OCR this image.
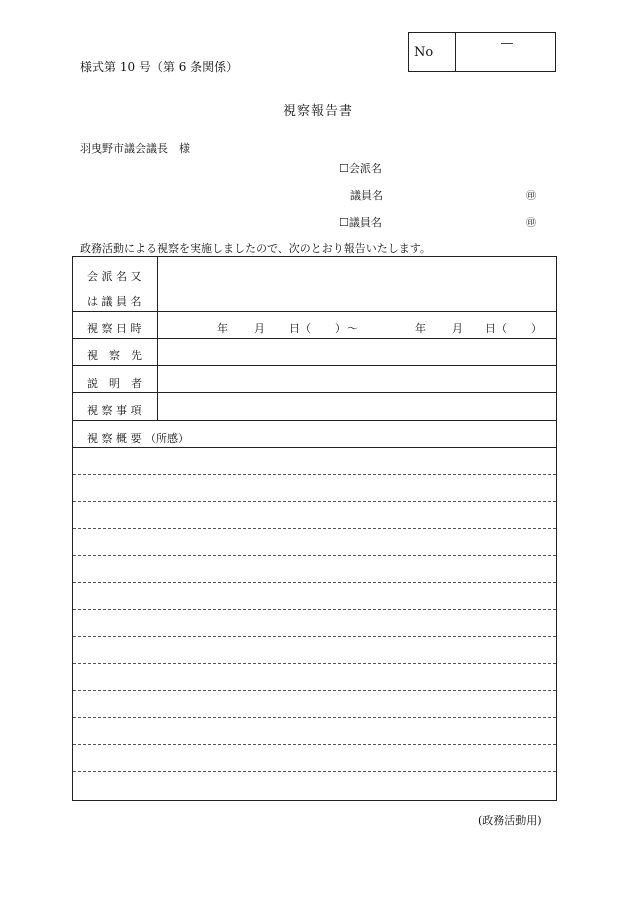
様式第 10 号（第 6 条関係）
No
―
視察報告書
羽曳野市議会議長　様
☐会派名
議員名	㊞
☐議員名	㊞
政務活動による視察を実施しましたので、次のとおり報告いたします。
会 派 名 又
は 議 員 名
視 察 日 時	年 月 日（ ） ～	年 月 日（ ）
視　察　先
説　明　者
視 察 事 項
視 察 概 要 （所感）
(政務活動用)
